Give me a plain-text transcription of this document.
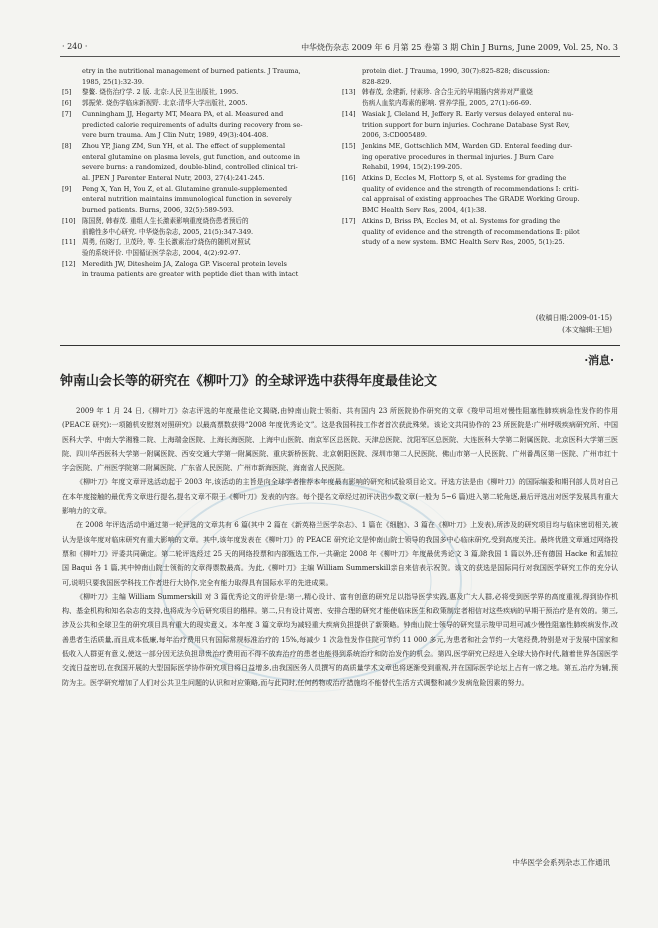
· 240 ·	中华烧伤杂志 2009 年 6 月第 25 卷第 3 期 Chin J Burns, June 2009, Vol. 25, No. 3
etry in the nutritional management of burned patients. J Trauma,
1985, 25(1):32-39.
[5]	黎鳌. 烧伤治疗学. 2 版. 北京:人民卫生出版社, 1995.
[6]	郭振荣. 烧伤学临床新视野. 北京:清华大学出版社, 2005.
[7]	Cunningham JJ, Hegarty MT, Meara PA, et al. Measured and
predicted calorie requirements of adults during recovery from se-
vere burn trauma. Am J Clin Nutr, 1989, 49(3):404-408.
[8]	Zhou YP, Jiang ZM, Sun YH, et al. The effect of supplemental
enteral glutamine on plasma levels, gut function, and outcome in
severe burns: a randomized, double-blind, controlled clinical tri-
al. JPEN J Parenter Enteral Nutr, 2003, 27(4):241-245.
[9]	Peng X, Yan H, You Z, et al. Glutamine granule-supplemented
enteral nutrition maintains immunological function in severely
burned patients. Burns, 2006, 32(5):589-593.
[10] 陈国贤, 韩春茂. 重组人生长激素影响重度烧伤患者预后的
前瞻性多中心研究. 中华烧伤杂志, 2005, 21(5):347-349.
[11] 周勇, 伍晓汀, 卫茂玲, 等. 生长激素治疗烧伤的随机对照试
验的系统评价. 中国循证医学杂志, 2004, 4(2):92-97.
[12] Meredith JW, Ditesheim JA, Zaloga GP. Visceral protein levels
in trauma patients are greater with peptide diet than with intact
protein diet. J Trauma, 1990, 30(7):825-828; discussion:
828-829.
[13] 韩春茂, 余建新, 付素珍. 含合生元的早期肠内营养对严重烧
伤病人血浆内毒素的影响. 营养学报, 2005, 27(1):66-69.
[14] Wasiak J, Cleland H, Jeffery R. Early versus delayed enteral nu-
trition support for burn injuries. Cochrane Database Syst Rev,
2006, 3:CD005489.
[15] Jenkins ME, Gottschlich MM, Warden GD. Enteral feeding dur-
ing operative procedures in thermal injuries. J Burn Care
Rehabil, 1994, 15(2):199-205.
[16] Atkins D, Eccles M, Flottorp S, et al. Systems for grading the
quality of evidence and the strength of recommendations Ⅰ: criti-
cal appraisal of existing approaches The GRADE Working Group.
BMC Health Serv Res, 2004, 4(1):38.
[17] Atkins D, Briss PA, Eccles M, et al. Systems for grading the
quality of evidence and the strength of recommendations Ⅱ: pilot
study of a new system. BMC Health Serv Res, 2005, 5(1):25.
(收稿日期:2009-01-15)
(本文编辑:王旭)
·消息·
钟南山会长等的研究在《柳叶刀》的全球评选中获得年度最佳论文

2009 年 1 月 24 日,《柳叶刀》杂志评选的年度最佳论文揭晓,由钟南山院士领衔、共有国内 23 所医院协作研究的文章《羧甲司坦对慢性阻塞性肺疾病急性发作的作用(PEACE 研究):一项随机安慰剂对照研究》以最高票数获得“2008 年度优秀论文”。这是我国科技工作者首次获此殊荣。该论文共同协作的 23 所医院是:广州呼吸疾病研究所、中国医科大学、中南大学湘雅二院、上海瑞金医院、上海长海医院、上海中山医院、南京军区总医院、天津总医院、沈阳军区总医院、大连医科大学第二附属医院、北京医科大学第三医院、四川华西医科大学第一附属医院、西安交通大学第一附属医院、重庆新桥医院、北京朝阳医院、深圳市第二人民医院、佛山市第一人民医院、广州番禺区第一医院、广州市红十字会医院、广州医学院第二附属医院、广东省人民医院、广州市新海医院、海南省人民医院。

《柳叶刀》年度文章评选活动起于 2003 年,该活动的主旨是向全球学者推荐本年度最有影响的研究和试验项目论文。评选方法是由《柳叶刀》的国际编委和期刊部人员对自己在本年度接触的最优秀文章进行提名,提名文章不限于《柳叶刀》发表的内容。每个提名文章经过初评决出少数文章(一般为 5~6 篇)进入第二轮角逐,最后评选出对医学发展具有重大影响力的文章。

在 2008 年评选活动中通过第一轮评选的文章共有 6 篇(其中 2 篇在《新英格兰医学杂志》、1 篇在《细胞》、3 篇在《柳叶刀》上发表),所涉及的研究项目均与临床密切相关,被认为是该年度对临床研究有重大影响的文章。其中,该年度发表在《柳叶刀》的 PEACE 研究论文是钟南山院士领导的我国多中心临床研究,受到高度关注。最终优胜文章通过网络投票和《柳叶刀》评委共同确定。第二轮评选经过 25 天的网络投票和内部甄选工作,一共确定 2008 年《柳叶刀》年度最优秀论文 3 篇,除我国 1 篇以外,还有德国 Hacke 和孟加拉国 Baqui 各 1 篇,其中钟南山院士领衔的文章得票数最高。为此,《柳叶刀》主编 William Summerskill亲自来信表示祝贺。该文的获选是国际同行对我国医学研究工作的充分认可,说明只要我国医学科技工作者进行大协作,完全有能力取得具有国际水平的先进成果。

《柳叶刀》主编 William Summerskill 对 3 篇优秀论文的评价是:第一,精心设计、富有创意的研究足以指导医学实践,惠及广大人群,必将受到医学界的高度重视,得到协作机构、基金机构和知名杂志的支持,也将成为今后研究项目的楷样。第二,只有设计周密、安排合理的研究才能使临床医生和政策制定者相信对这些疾病的早期干预治疗是有效的。第三,涉及公共和全球卫生的研究项目具有重大的现实意义。本年度 3 篇文章均为减轻重大疾病负担提供了新策略。钟南山院士领导的研究显示羧甲司坦可减少慢性阻塞性肺疾病发作,改善患者生活质量,而且成本低廉,每年治疗费用只有国际常规标准治疗的 15%,每减少 1 次急性发作住院可节约 11 000 多元,为患者和社会节约一大笔经费,特别是对于发展中国家和低收入人群更有意义,使这一部分因无法负担昂贵治疗费用而不得不放弃治疗的患者也能得到系统治疗和防治发作的机会。第四,医学研究已经进入全球大协作时代,随着世界各国医学交流日益密切,在我国开展的大型国际医学协作研究项目将日益增多,由我国医务人员撰写的高质量学术文章也将逐渐受到重视,并在国际医学论坛上占有一席之地。第五,治疗为辅,预防为主。医学研究增加了人们对公共卫生问题的认识和对应策略,而与此同时,任何药物或治疗措施均不能替代生活方式调整和减少发病危险因素的努力。

中华医学会系列杂志工作通讯
